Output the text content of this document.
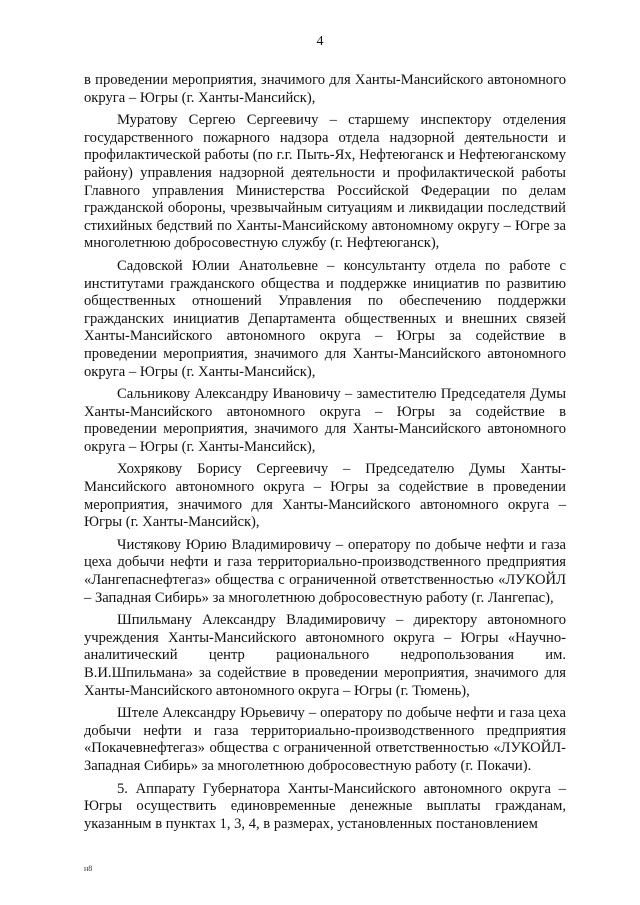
4

в проведении мероприятия, значимого для Ханты-Мансийского автономного округа – Югры (г. Ханты-Мансийск),

Муратову Сергею Сергеевичу – старшему инспектору отделения государственного пожарного надзора отдела надзорной деятельности и профилактической работы (по г.г. Пыть-Ях, Нефтеюганск и Нефтеюганскому району) управления надзорной деятельности и профилактической работы Главного управления Министерства Российской Федерации по делам гражданской обороны, чрезвычайным ситуациям и ликвидации последствий стихийных бедствий по Ханты-Мансийскому автономному округу – Югре за многолетнюю добросовестную службу (г. Нефтеюганск),

Садовской Юлии Анатольевне – консультанту отдела по работе с институтами гражданского общества и поддержке инициатив по развитию общественных отношений Управления по обеспечению поддержки гражданских инициатив Департамента общественных и внешних связей Ханты-Мансийского автономного округа – Югры за содействие в проведении мероприятия, значимого для Ханты-Мансийского автономного округа – Югры (г. Ханты-Мансийск),

Сальникову Александру Ивановичу – заместителю Председателя Думы Ханты-Мансийского автономного округа – Югры за содействие в проведении мероприятия, значимого для Ханты-Мансийского автономного округа – Югры (г. Ханты-Мансийск),

Хохрякову Борису Сергеевичу – Председателю Думы Ханты-Мансийского автономного округа – Югры за содействие в проведении мероприятия, значимого для Ханты-Мансийского автономного округа – Югры (г. Ханты-Мансийск),

Чистякову Юрию Владимировичу – оператору по добыче нефти и газа цеха добычи нефти и газа территориально-производственного предприятия «Лангепаснефтегаз» общества с ограниченной ответственностью «ЛУКОЙЛ – Западная Сибирь» за многолетнюю добросовестную работу (г. Лангепас),

Шпильману Александру Владимировичу – директору автономного учреждения Ханты-Мансийского автономного округа – Югры «Научно-аналитический центр рационального недропользования им. В.И.Шпильмана» за содействие в проведении мероприятия, значимого для Ханты-Мансийского автономного округа – Югры (г. Тюмень),

Штеле Александру Юрьевичу – оператору по добыче нефти и газа цеха добычи нефти и газа территориально-производственного предприятия «Покачевнефтегаз» общества с ограниченной ответственностью «ЛУКОЙЛ-Западная Сибирь» за многолетнюю добросовестную работу (г. Покачи).

5. Аппарату Губернатора Ханты-Мансийского автономного округа – Югры осуществить единовременные денежные выплаты гражданам, указанным в пунктах 1, 3, 4, в размерах, установленных постановлением

н8
